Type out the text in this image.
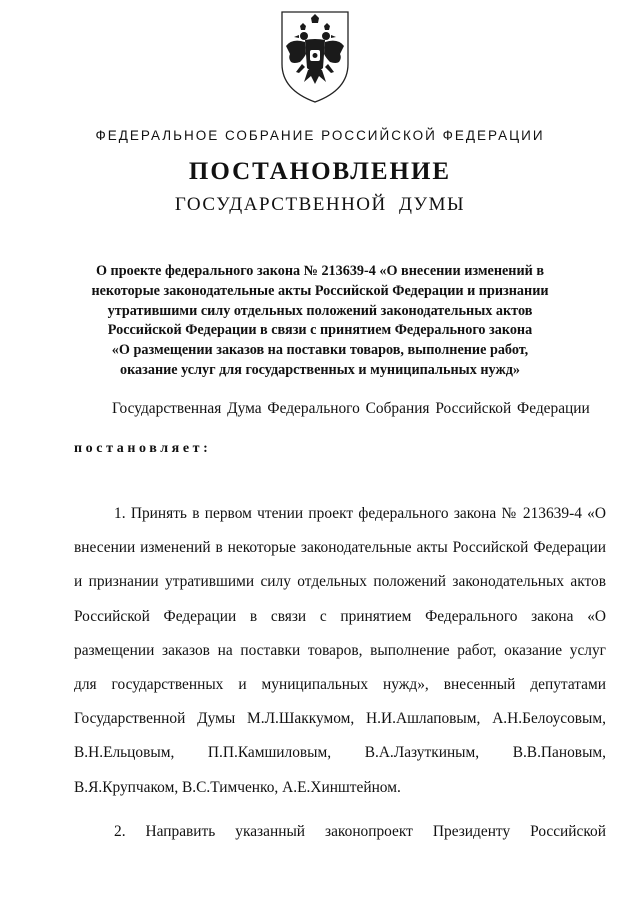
ФЕДЕРАЛЬНОЕ СОБРАНИЕ РОССИЙСКОЙ ФЕДЕРАЦИИ
ПОСТАНОВЛЕНИЕ
ГОСУДАРСТВЕННОЙ ДУМЫ
О проекте федерального закона № 213639-4 «О внесении изменений в
некоторые законодательные акты Российской Федерации и признании
утратившими силу отдельных положений законодательных актов
Российской Федерации в связи с принятием Федерального закона
«О размещении заказов на поставки товаров, выполнение работ,
оказание услуг для государственных и муниципальных нужд»
Государственная Дума Федерального Собрания Российской Федерации
постановляет:
1. Принять в первом чтении проект федерального закона № 213639-4 «О
внесении изменений в некоторые законодательные акты Российской Федерации
и признании утратившими силу отдельных положений законодательных актов
Российской Федерации в связи с принятием Федерального закона «О
размещении заказов на поставки товаров, выполнение работ, оказание услуг
для государственных и муниципальных нужд», внесенный депутатами
Государственной Думы М.Л.Шаккумом, Н.И.Ашлаповым, А.Н.Белоусовым,
В.Н.Ельцовым, П.П.Камшиловым, В.А.Лазуткиным, В.В.Пановым,
В.Я.Крупчаком, В.С.Тимченко, А.Е.Хинштейном.
2. Направить указанный законопроект Президенту Российской
